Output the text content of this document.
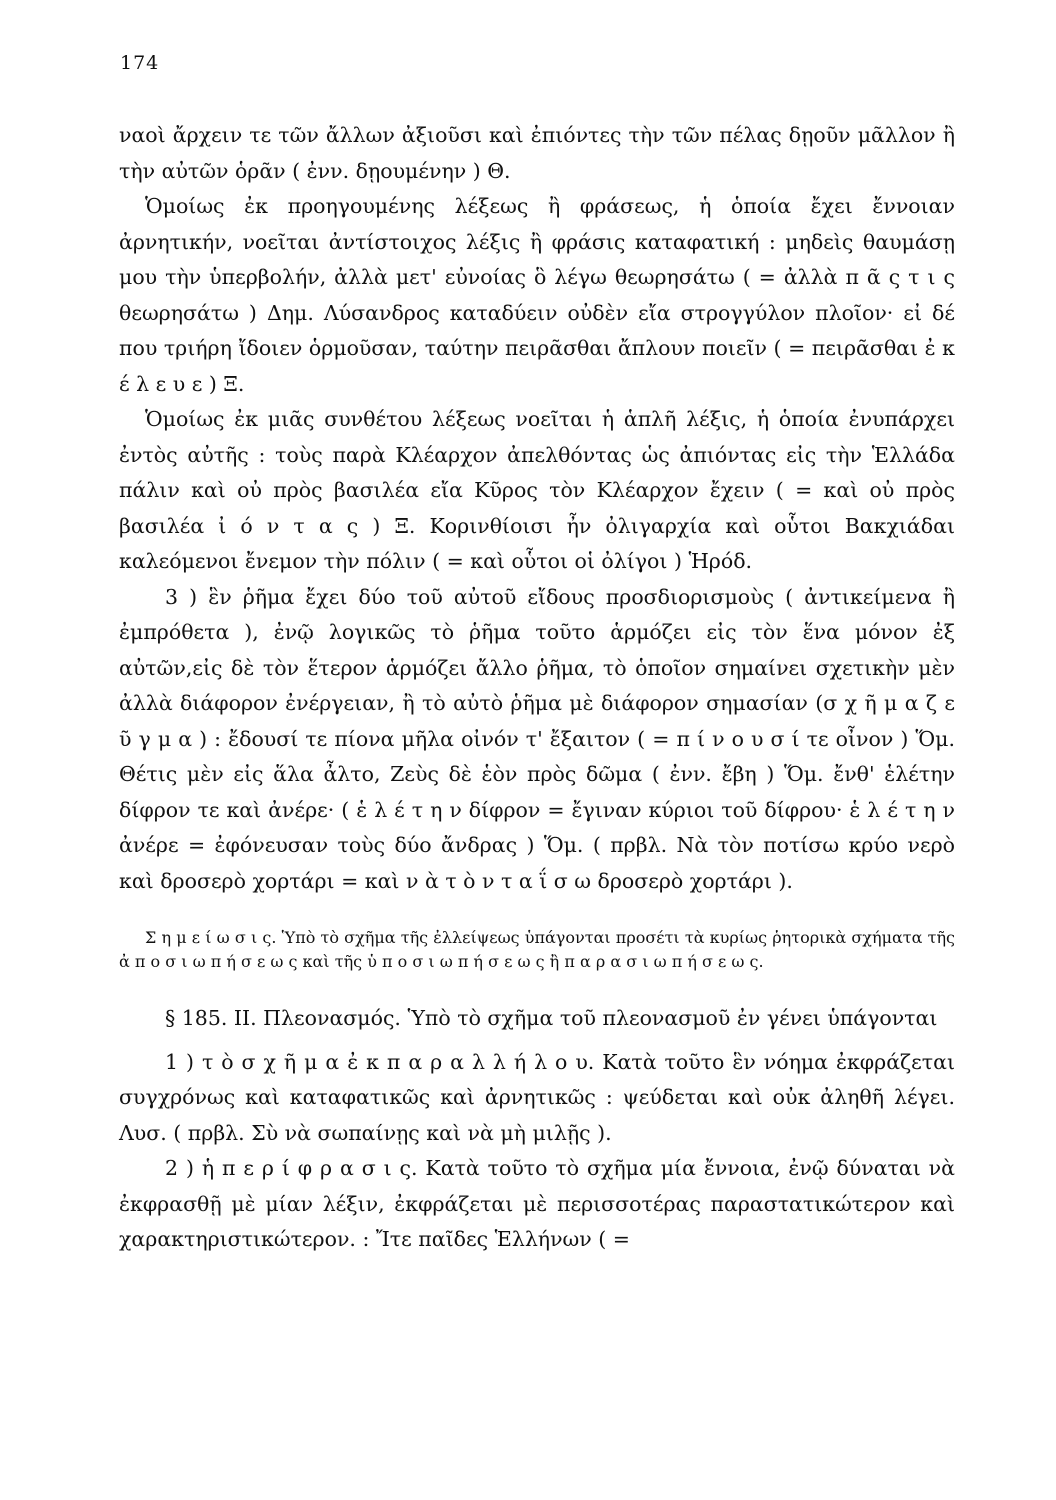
174

ναοὶ ἄρχειν τε τῶν ἄλλων ἀξιοῦσι καὶ ἐπιόντες τὴν τῶν πέλας δῃοῦν μᾶλλον ἢ τὴν αὐτῶν ὁρᾶν ( ἐνν. δῃουμένην ) Θ.

Ὁμοίως ἐκ προηγουμένης λέξεως ἢ φράσεως, ἡ ὁποία ἔχει ἔννοιαν ἀρνητικήν, νοεῖται ἀντίστοιχος λέξις ἢ φράσις καταφατική : μηδεὶς θαυμάσῃ μου τὴν ὑπερβολήν, ἀλλὰ μετ' εὐνοίας ὃ λέγω θεωρησάτω ( = ἀλλὰ π ᾶ ς τ ι ς θεωρησάτω ) Δημ. Λύσανδρος καταδύειν οὐδὲν εἴα στρογγύλον πλοῖον· εἰ δέ που τριήρη ἴδοιεν ὁρμοῦσαν, ταύτην πειρᾶσθαι ἄπλουν ποιεῖν ( = πειρᾶσθαι ἐ κ έ λ ε υ ε ) Ξ.

Ὁμοίως ἐκ μιᾶς συνθέτου λέξεως νοεῖται ἡ ἁπλῆ λέξις, ἡ ὁποία ἐνυπάρχει ἐντὸς αὐτῆς : τοὺς παρὰ Κλέαρχον ἀπελθόντας ὡς ἀπιόντας εἰς τὴν Ἑλλάδα πάλιν καὶ οὐ πρὸς βασιλέα εἴα Κῦρος τὸν Κλέαρχον ἔχειν ( = καὶ οὐ πρὸς βασιλέα ἰ ό ν τ α ς ) Ξ. Κορινθίοισι ἦν ὀλιγαρχία καὶ οὗτοι Βακχιάδαι καλεόμενοι ἔνεμον τὴν πόλιν ( = καὶ οὗτοι οἱ ὀλίγοι ) Ἡρόδ.

3 ) ἓν ῥῆμα ἔχει δύο τοῦ αὐτοῦ εἴδους προσδιορισμοὺς ( ἀντικείμενα ἢ ἐμπρόθετα ), ἐνῷ λογικῶς τὸ ῥῆμα τοῦτο ἁρμόζει εἰς τὸν ἕνα μόνον ἐξ αὐτῶν,εἰς δὲ τὸν ἕτερον ἁρμόζει ἄλλο ῥῆμα, τὸ ὁποῖον σημαίνει σχετικὴν μὲν ἀλλὰ διάφορον ἐνέργειαν, ἢ τὸ αὐτὸ ῥῆμα μὲ διάφορον σημασίαν (σ χ ῆ μ α ζ ε ῦ γ μ α ) : ἔδουσί τε πίονα μῆλα οἰνόν τ' ἔξαιτον ( = π ί ν ο υ σ ί τε οἶνον ) Ὅμ. Θέτις μὲν εἰς ἅλα ἆλτο, Ζεὺς δὲ ἑὸν πρὸς δῶμα ( ἐνν. ἔβη ) Ὅμ. ἔνθ' ἑλέτην δίφρον τε καὶ ἀνέρε· ( ἑ λ έ τ η ν δίφρον = ἔγιναν κύριοι τοῦ δίφρου· ἑ λ έ τ η ν ἀνέρε = ἐφόνευσαν τοὺς δύο ἄνδρας ) Ὅμ. ( πρβλ. Νὰ τὸν ποτίσω κρύο νερὸ καὶ δροσερὸ χορτάρι = καὶ ν ὰ τ ὸ ν τ α ΐ σ ω δροσερὸ χορτάρι ).

Σ η μ ε ί ω σ ι ς. Ὑπὸ τὸ σχῆμα τῆς ἐλλείψεως ὑπάγονται προσέτι τὰ κυρίως ῥητορικὰ σχήματα τῆς ἀ π ο σ ι ω π ή σ ε ω ς καὶ τῆς ὑ π ο σ ι ω π ή σ ε ω ς ἢ π α ρ α σ ι ω π ή σ ε ω ς.

§ 185. ΙΙ. Πλεονασμός. Ὑπὸ τὸ σχῆμα τοῦ πλεονασμοῦ ἐν γένει ὑπάγονται

1 ) τ ὸ σ χ ῆ μ α ἐ κ π α ρ α λ λ ή λ ο υ. Κατὰ τοῦτο ἓν νόημα ἐκφράζεται συγχρόνως καὶ καταφατικῶς καὶ ἀρνητικῶς : ψεύδεται καὶ οὐκ ἀληθῆ λέγει. Λυσ. ( πρβλ. Σὺ νὰ σωπαίνῃς καὶ νὰ μὴ μιλῇς ).

2 ) ἡ π ε ρ ί φ ρ α σ ι ς. Κατὰ τοῦτο τὸ σχῆμα μία ἔννοια, ἐνῷ δύναται νὰ ἐκφρασθῇ μὲ μίαν λέξιν, ἐκφράζεται μὲ περισσοτέρας παραστατικώτερον καὶ χαρακτηριστικώτερον. : Ἴτε παῖδες Ἑλλήνων ( =
